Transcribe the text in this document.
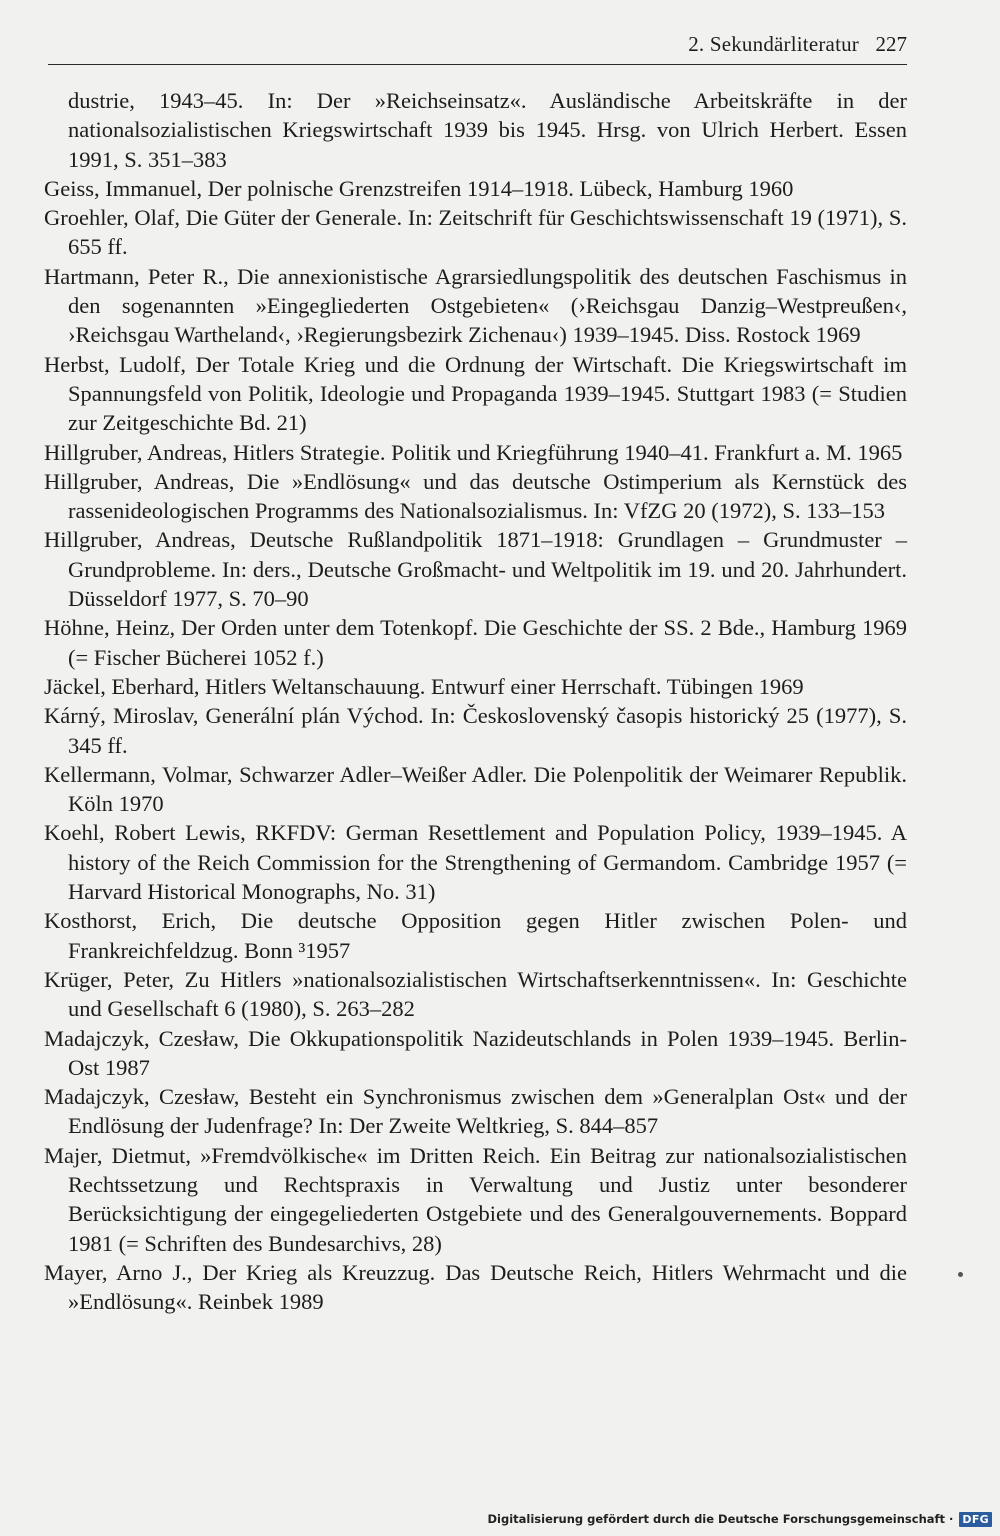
2. Sekundärliteratur 227
dustrie, 1943–45. In: Der »Reichseinsatz«. Ausländische Arbeitskräfte in der nationalsozialistischen Kriegswirtschaft 1939 bis 1945. Hrsg. von Ulrich Herbert. Essen 1991, S. 351–383
Geiss, Immanuel, Der polnische Grenzstreifen 1914–1918. Lübeck, Hamburg 1960
Groehler, Olaf, Die Güter der Generale. In: Zeitschrift für Geschichtswissenschaft 19 (1971), S. 655 ff.
Hartmann, Peter R., Die annexionistische Agrarsiedlungspolitik des deutschen Faschismus in den sogenannten »Eingegliederten Ostgebieten« (›Reichsgau Danzig–Westpreußen‹, ›Reichsgau Wartheland‹, ›Regierungsbezirk Zichenau‹) 1939–1945. Diss. Rostock 1969
Herbst, Ludolf, Der Totale Krieg und die Ordnung der Wirtschaft. Die Kriegswirtschaft im Spannungsfeld von Politik, Ideologie und Propaganda 1939–1945. Stuttgart 1983 (= Studien zur Zeitgeschichte Bd. 21)
Hillgruber, Andreas, Hitlers Strategie. Politik und Kriegführung 1940–41. Frankfurt a. M. 1965
Hillgruber, Andreas, Die »Endlösung« und das deutsche Ostimperium als Kernstück des rassenideologischen Programms des Nationalsozialismus. In: VfZG 20 (1972), S. 133–153
Hillgruber, Andreas, Deutsche Rußlandpolitik 1871–1918: Grundlagen – Grundmuster – Grundprobleme. In: ders., Deutsche Großmacht- und Weltpolitik im 19. und 20. Jahrhundert. Düsseldorf 1977, S. 70–90
Höhne, Heinz, Der Orden unter dem Totenkopf. Die Geschichte der SS. 2 Bde., Hamburg 1969 (= Fischer Bücherei 1052 f.)
Jäckel, Eberhard, Hitlers Weltanschauung. Entwurf einer Herrschaft. Tübingen 1969
Kárný, Miroslav, Generální plán Východ. In: Československý časopis historický 25 (1977), S. 345 ff.
Kellermann, Volmar, Schwarzer Adler–Weißer Adler. Die Polenpolitik der Weimarer Republik. Köln 1970
Koehl, Robert Lewis, RKFDV: German Resettlement and Population Policy, 1939–1945. A history of the Reich Commission for the Strengthening of Germandom. Cambridge 1957 (= Harvard Historical Monographs, No. 31)
Kosthorst, Erich, Die deutsche Opposition gegen Hitler zwischen Polen- und Frankreichfeldzug. Bonn ³1957
Krüger, Peter, Zu Hitlers »nationalsozialistischen Wirtschaftserkenntnissen«. In: Geschichte und Gesellschaft 6 (1980), S. 263–282
Madajczyk, Czesław, Die Okkupationspolitik Nazideutschlands in Polen 1939–1945. Berlin-Ost 1987
Madajczyk, Czesław, Besteht ein Synchronismus zwischen dem »Generalplan Ost« und der Endlösung der Judenfrage? In: Der Zweite Weltkrieg, S. 844–857
Majer, Dietmut, »Fremdvölkische« im Dritten Reich. Ein Beitrag zur nationalsozialistischen Rechtssetzung und Rechtspraxis in Verwaltung und Justiz unter besonderer Berücksichtigung der eingegeliederten Ostgebiete und des Generalgouvernements. Boppard 1981 (= Schriften des Bundesarchivs, 28)
Mayer, Arno J., Der Krieg als Kreuzzug. Das Deutsche Reich, Hitlers Wehrmacht und die »Endlösung«. Reinbek 1989
Digitalisierung gefördert durch die Deutsche Forschungsgemeinschaft · DFG
